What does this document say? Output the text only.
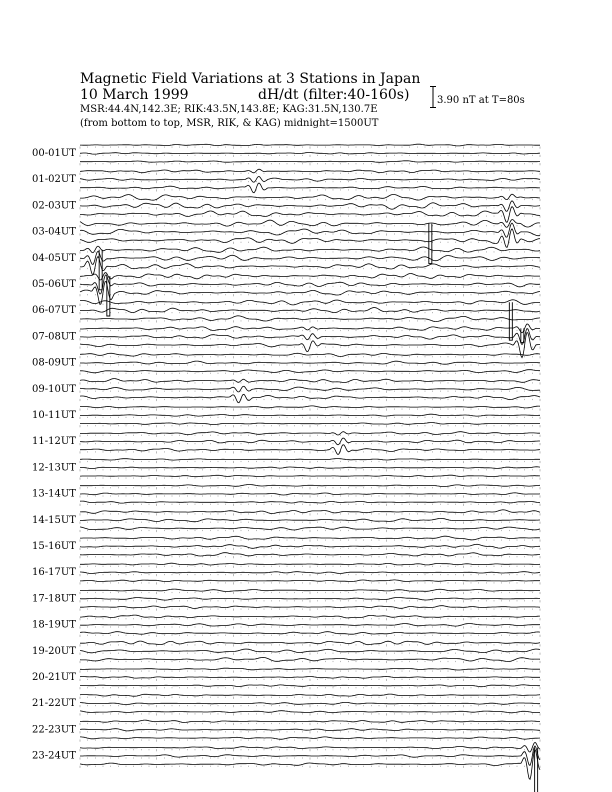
Magnetic Field Variations at 3 Stations in Japan
10 March 1999	dH/dt (filter:40-160s)
MSR:44.4N,142.3E; RIK:43.5N,143.8E; KAG:31.5N,130.7E
(from bottom to top, MSR, RIK, & KAG) midnight=1500UT
3.90 nT at T=80s
00-01UT
01-02UT
02-03UT
03-04UT
04-05UT
05-06UT
06-07UT
07-08UT
08-09UT
09-10UT
10-11UT
11-12UT
12-13UT
13-14UT
14-15UT
15-16UT
16-17UT
17-18UT
18-19UT
19-20UT
20-21UT
21-22UT
22-23UT
23-24UT
